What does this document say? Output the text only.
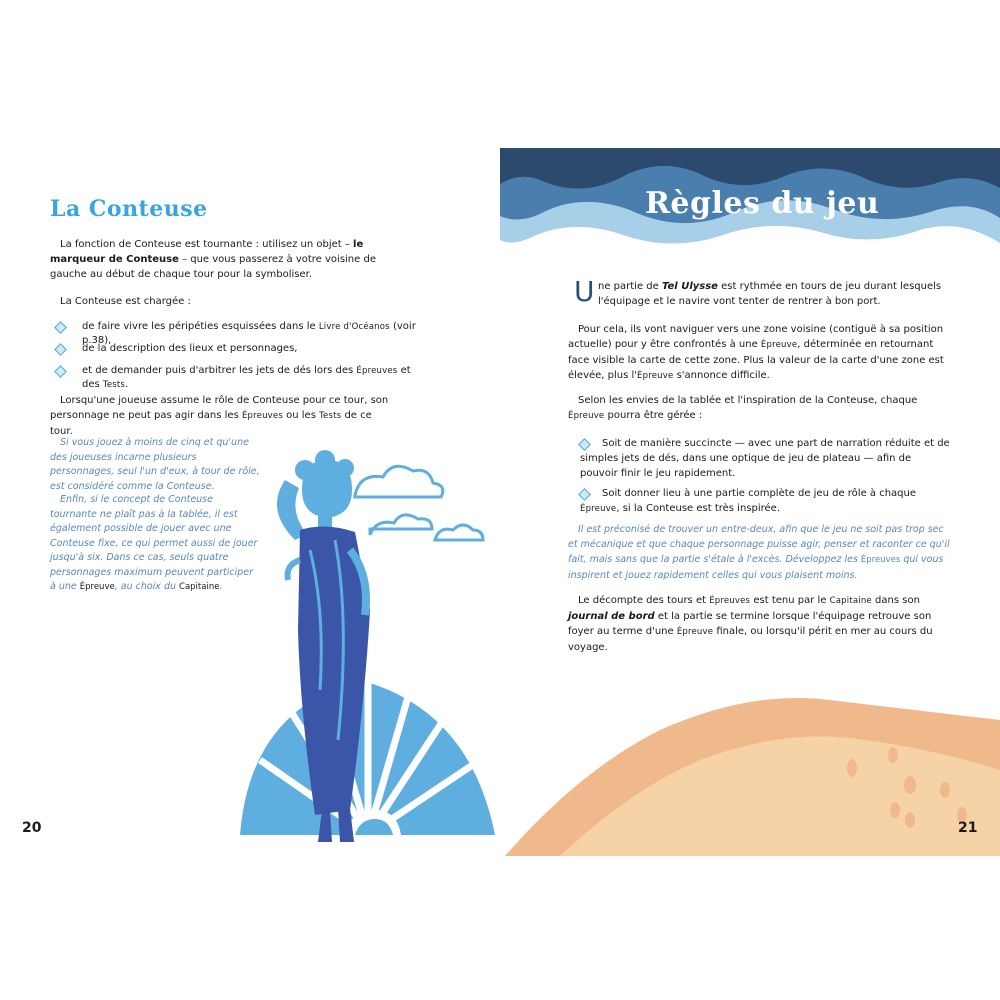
La Conteuse

La fonction de Conteuse est tournante : utilisez un objet – le marqueur de Conteuse – que vous passerez à votre voisine de gauche au début de chaque tour pour la symboliser.

La Conteuse est chargée :

de faire vivre les péripéties esquissées dans le Livre d'Océanos (voir p.38),
de la description des lieux et personnages,
et de demander puis d'arbitrer les jets de dés lors des Épreuves et des Tests.

Lorsqu'une joueuse assume le rôle de Conteuse pour ce tour, son personnage ne peut pas agir dans les Épreuves ou les Tests de ce tour.

Si vous jouez à moins de cinq et qu'une des joueuses incarne plusieurs personnages, seul l'un d'eux, à tour de rôle, est considéré comme la Conteuse.

Enfin, si le concept de Conteuse tournante ne plaît pas à la tablée, il est également possible de jouer avec une Conteuse fixe, ce qui permet aussi de jouer jusqu'à six. Dans ce cas, seuls quatre personnages maximum peuvent participer à une Épreuve, au choix du Capitaine.

20
Règles du jeu
U ne partie de Tel Ulysse est rythmée en tours de jeu durant lesquels l'équipage et le navire vont tenter de rentrer à bon port.

Pour cela, ils vont naviguer vers une zone voisine (contiguë à sa position actuelle) pour y être confrontés à une Épreuve, déterminée en retournant face visible la carte de cette zone. Plus la valeur de la carte d'une zone est élevée, plus l'Épreuve s'annonce difficile.

Selon les envies de la tablée et l'inspiration de la Conteuse, chaque Épreuve pourra être gérée :

Soit de manière succincte — avec une part de narration réduite et de simples jets de dés, dans une optique de jeu de plateau — afin de pouvoir finir le jeu rapidement.
Soit donner lieu à une partie complète de jeu de rôle à chaque Épreuve, si la Conteuse est très inspirée.

Il est préconisé de trouver un entre-deux, afin que le jeu ne soit pas trop sec et mécanique et que chaque personnage puisse agir, penser et raconter ce qu'il fait, mais sans que la partie s'étale à l'excès. Développez les Épreuves qui vous inspirent et jouez rapidement celles qui vous plaisent moins.

Le décompte des tours et Épreuves est tenu par le Capitaine dans son journal de bord et la partie se termine lorsque l'équipage retrouve son foyer au terme d'une Épreuve finale, ou lorsqu'il périt en mer au cours du voyage.

21
